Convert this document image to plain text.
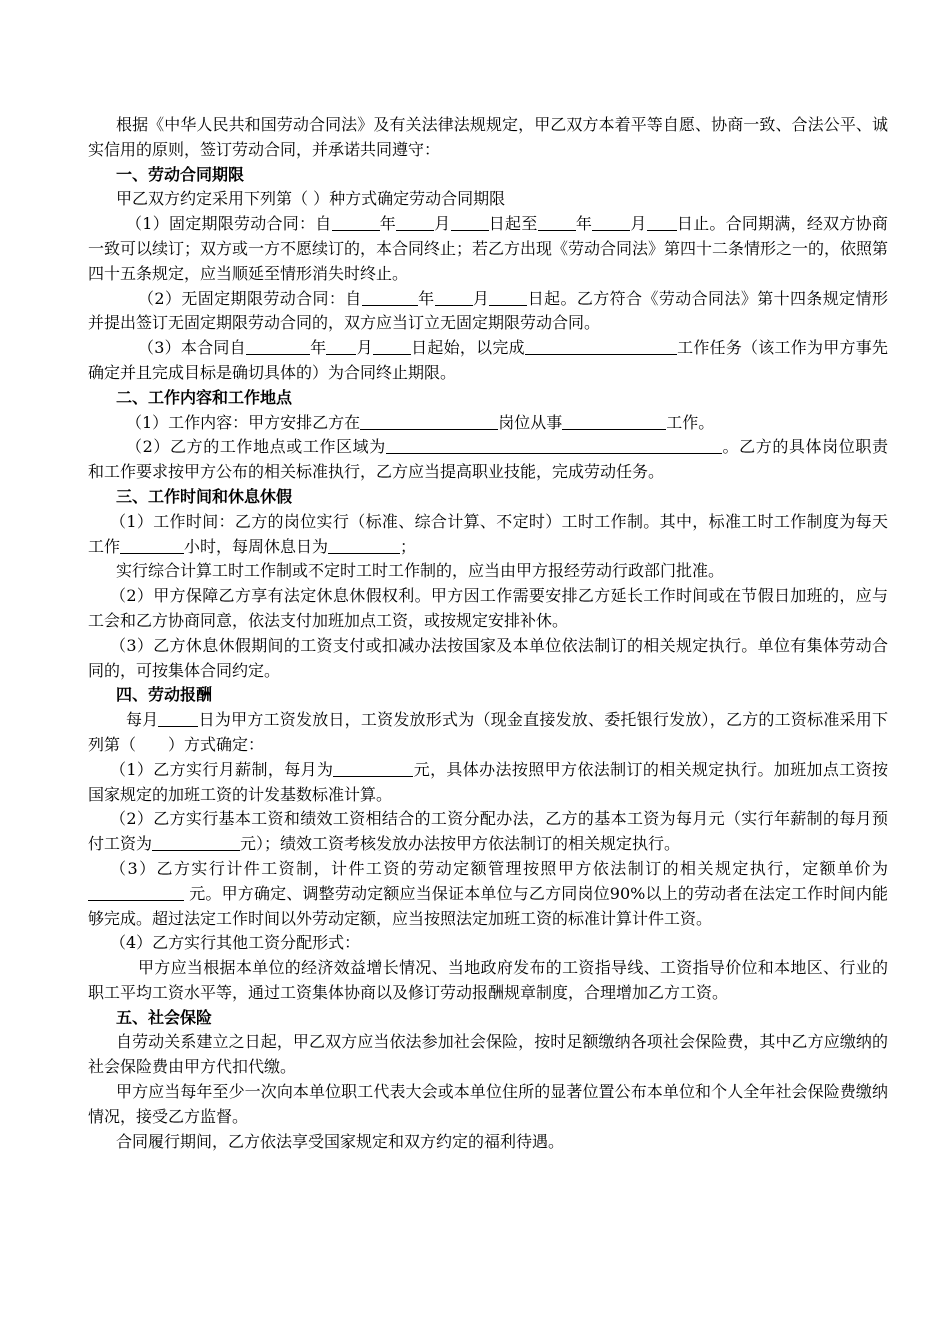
根据《中华人民共和国劳动合同法》及有关法律法规规定，甲乙双方本着平等自愿、协商一致、合法公平、诚实信用的原则，签订劳动合同，并承诺共同遵守：

一、劳动合同期限

甲乙双方约定采用下列第（ ）种方式确定劳动合同期限

（1）固定期限劳动合同：自	年 月 日起至 年 月 日止。合同期满，经双方协商一致可以续订；双方或一方不愿续订的，本合同终止；若乙方出现《劳动合同法》第四十二条情形之一的，依照第四十五条规定，应当顺延至情形消失时终止。

（2）无固定期限劳动合同：自	年 月 日起。乙方符合《劳动合同法》第十四条规定情形并提出签订无固定期限劳动合同的，双方应当订立无固定期限劳动合同。

（3）本合同自	年 月 日起始，以完成	工作任务（该工作为甲方事先确定并且完成目标是确切具体的）为合同终止期限。

二、工作内容和工作地点

（1）工作内容：甲方安排乙方在	岗位从事	工作。

（2）乙方的工作地点或工作区域为	。乙方的具体岗位职责和工作要求按甲方公布的相关标准执行，乙方应当提高职业技能，完成劳动任务。

三、工作时间和休息休假

（1）工作时间：乙方的岗位实行（标准、综合计算、不定时）工时工作制。其中，标准工时工作制度为每天工作	小时，每周休息日为	；

实行综合计算工时工作制或不定时工时工作制的，应当由甲方报经劳动行政部门批准。

（2）甲方保障乙方享有法定休息休假权利。甲方因工作需要安排乙方延长工作时间或在节假日加班的，应与工会和乙方协商同意，依法支付加班加点工资，或按规定安排补休。

（3）乙方休息休假期间的工资支付或扣减办法按国家及本单位依法制订的相关规定执行。单位有集体劳动合同的，可按集体合同约定。

四、劳动报酬

每月	日为甲方工资发放日，工资发放形式为（现金直接发放、委托银行发放），乙方的工资标准采用下列第（　　）方式确定：

（1）乙方实行月薪制，每月为	元，具体办法按照甲方依法制订的相关规定执行。加班加点工资按国家规定的加班工资的计发基数标准计算。

（2）乙方实行基本工资和绩效工资相结合的工资分配办法，乙方的基本工资为每月元（实行年薪制的每月预付工资为	元）；绩效工资考核发放办法按甲方依法制订的相关规定执行。

（3）乙方实行计件工资制，计件工资的劳动定额管理按照甲方依法制订的相关规定执行，定额单价为 元。甲方确定、调整劳动定额应当保证本单位与乙方同岗位90%以上的劳动者在法定工作时间内能够完成。超过法定工作时间以外劳动定额，应当按照法定加班工资的标准计算计件工资。

（4）乙方实行其他工资分配形式：

甲方应当根据本单位的经济效益增长情况、当地政府发布的工资指导线、工资指导价位和本地区、行业的职工平均工资水平等，通过工资集体协商以及修订劳动报酬规章制度，合理增加乙方工资。

五、社会保险

自劳动关系建立之日起，甲乙双方应当依法参加社会保险，按时足额缴纳各项社会保险费，其中乙方应缴纳的社会保险费由甲方代扣代缴。

甲方应当每年至少一次向本单位职工代表大会或本单位住所的显著位置公布本单位和个人全年社会保险费缴纳情况，接受乙方监督。

合同履行期间，乙方依法享受国家规定和双方约定的福利待遇。
